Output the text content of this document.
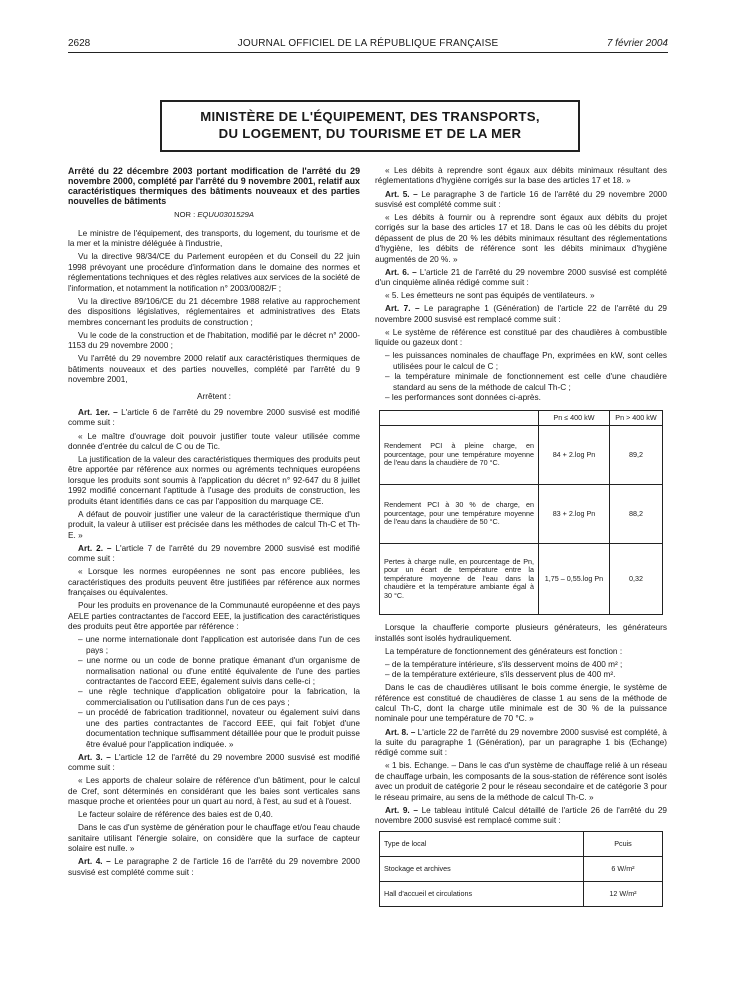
2628	JOURNAL OFFICIEL DE LA RÉPUBLIQUE FRANÇAISE	7 février 2004
MINISTÈRE DE L'ÉQUIPEMENT, DES TRANSPORTS,
DU LOGEMENT, DU TOURISME ET DE LA MER

Arrêté du 22 décembre 2003 portant modification de l'arrêté du 29 novembre 2000, complété par l'arrêté du 9 novembre 2001, relatif aux caractéristiques thermiques des bâtiments nouveaux et des parties nouvelles de bâtiments

NOR : EQUU0301529A

Le ministre de l'équipement, des transports, du logement, du tourisme et de la mer et la ministre déléguée à l'industrie,

Vu la directive 98/34/CE du Parlement européen et du Conseil du 22 juin 1998 prévoyant une procédure d'information dans le domaine des normes et réglementations techniques et des règles relatives aux services de la société de l'information, et notamment la notification n° 2003/0082/F ;

Vu la directive 89/106/CE du 21 décembre 1988 relative au rapprochement des dispositions législatives, réglementaires et administratives des Etats membres concernant les produits de construction ;

Vu le code de la construction et de l'habitation, modifié par le décret n° 2000-1153 du 29 novembre 2000 ;

Vu l'arrêté du 29 novembre 2000 relatif aux caractéristiques thermiques de bâtiments nouveaux et des parties nouvelles, complété par l'arrêté du 9 novembre 2001,

Arrêtent :

Art. 1er. – L'article 6 de l'arrêté du 29 novembre 2000 susvisé est modifié comme suit :

« Le maître d'ouvrage doit pouvoir justifier toute valeur utilisée comme donnée d'entrée du calcul de C ou de Tic.

La justification de la valeur des caractéristiques thermiques des produits peut être apportée par référence aux normes ou agréments techniques européens lorsque les produits sont soumis à l'application du décret n° 92-647 du 8 juillet 1992 modifié concernant l'aptitude à l'usage des produits de construction, les produits étant identifiés dans ce cas par l'apposition du marquage CE.

A défaut de pouvoir justifier une valeur de la caractéristique thermique d'un produit, la valeur à utiliser est précisée dans les méthodes de calcul Th-C et Th-E. »

Art. 2. – L'article 7 de l'arrêté du 29 novembre 2000 susvisé est modifié comme suit :

« Lorsque les normes européennes ne sont pas encore publiées, les caractéristiques des produits peuvent être justifiées par référence aux normes françaises ou équivalentes.

Pour les produits en provenance de la Communauté européenne et des pays AELE parties contractantes de l'accord EEE, la justification des caractéristiques des produits peut être apportée par référence :

– une norme internationale dont l'application est autorisée dans l'un de ces pays ;
– une norme ou un code de bonne pratique émanant d'un organisme de normalisation national ou d'une entité équivalente de l'une des parties contractantes de l'accord EEE, également suivis dans celle-ci ;
– une règle technique d'application obligatoire pour la fabrication, la commercialisation ou l'utilisation dans l'un de ces pays ;
– un procédé de fabrication traditionnel, novateur ou également suivi dans une des parties contractantes de l'accord EEE, qui fait l'objet d'une documentation technique suffisamment détaillée pour que le produit puisse être évalué pour l'application indiquée. »

Art. 3. – L'article 12 de l'arrêté du 29 novembre 2000 susvisé est modifié comme suit :

« Les apports de chaleur solaire de référence d'un bâtiment, pour le calcul de Cref, sont déterminés en considérant que les baies sont verticales sans masque proche et orientées pour un quart au nord, à l'est, au sud et à l'ouest.

Le facteur solaire de référence des baies est de 0,40.

Dans le cas d'un système de génération pour le chauffage et/ou l'eau chaude sanitaire utilisant l'énergie solaire, on considère que la surface de capteur solaire est nulle. »

Art. 4. – Le paragraphe 2 de l'article 16 de l'arrêté du 29 novembre 2000 susvisé est complété comme suit :

« Les débits à reprendre sont égaux aux débits minimaux résultant des réglementations d'hygiène corrigés sur la base des articles 17 et 18. »

Art. 5. – Le paragraphe 3 de l'article 16 de l'arrêté du 29 novembre 2000 susvisé est complété comme suit :

« Les débits à fournir ou à reprendre sont égaux aux débits du projet corrigés sur la base des articles 17 et 18. Dans le cas où les débits du projet dépassent de plus de 20 % les débits minimaux résultant des réglementations d'hygiène, les débits de référence sont les débits minimaux d'hygiène augmentés de 20 %. »

Art. 6. – L'article 21 de l'arrêté du 29 novembre 2000 susvisé est complété d'un cinquième alinéa rédigé comme suit :

« 5. Les émetteurs ne sont pas équipés de ventilateurs. »

Art. 7. – Le paragraphe 1 (Génération) de l'article 22 de l'arrêté du 29 novembre 2000 susvisé est remplacé comme suit :

« Le système de référence est constitué par des chaudières à combustible liquide ou gazeux dont :

– les puissances nominales de chauffage Pn, exprimées en kW, sont celles utilisées pour le calcul de C ;
– la température minimale de fonctionnement est celle d'une chaudière standard au sens de la méthode de calcul Th-C ;
– les performances sont données ci-après.
	Pn ≤ 400 kW	Pn > 400 kW
Rendement PCI à pleine charge, en pourcentage, pour une température moyenne de l'eau dans la chaudière de 70 °C.	84 + 2.log Pn	89,2
Rendement PCI à 30 % de charge, en pourcentage, pour une température moyenne de l'eau dans la chaudière de 50 °C.	83 + 2.log Pn	88,2
Pertes à charge nulle, en pourcentage de Pn, pour un écart de température entre la température moyenne de l'eau dans la chaudière et la température ambiante égal à 30 °C.	1,75 – 0,55.log Pn	0,32

Lorsque la chaufferie comporte plusieurs générateurs, les générateurs installés sont isolés hydrauliquement.

La température de fonctionnement des générateurs est fonction :

– de la température intérieure, s'ils desservent moins de 400 m² ;
– de la température extérieure, s'ils desservent plus de 400 m².

Dans le cas de chaudières utilisant le bois comme énergie, le système de référence est constitué de chaudières de classe 1 au sens de la méthode de calcul Th-C, dont la charge utile minimale est de 30 % de la puissance nominale pour une température de 70 °C. »

Art. 8. – L'article 22 de l'arrêté du 29 novembre 2000 susvisé est complété, à la suite du paragraphe 1 (Génération), par un paragraphe 1 bis (Echange) rédigé comme suit :

« 1 bis. Echange. – Dans le cas d'un système de chauffage relié à un réseau de chauffage urbain, les composants de la sous-station de référence sont isolés avec un produit de catégorie 2 pour le réseau secondaire et de catégorie 3 pour le réseau primaire, au sens de la méthode de calcul Th-C. »

Art. 9. – Le tableau intitulé Calcul détaillé de l'article 26 de l'arrêté du 29 novembre 2000 susvisé est remplacé comme suit :

Type de local	Pcuis
Stockage et archives	6 W/m²
Hall d'accueil et circulations	12 W/m²
